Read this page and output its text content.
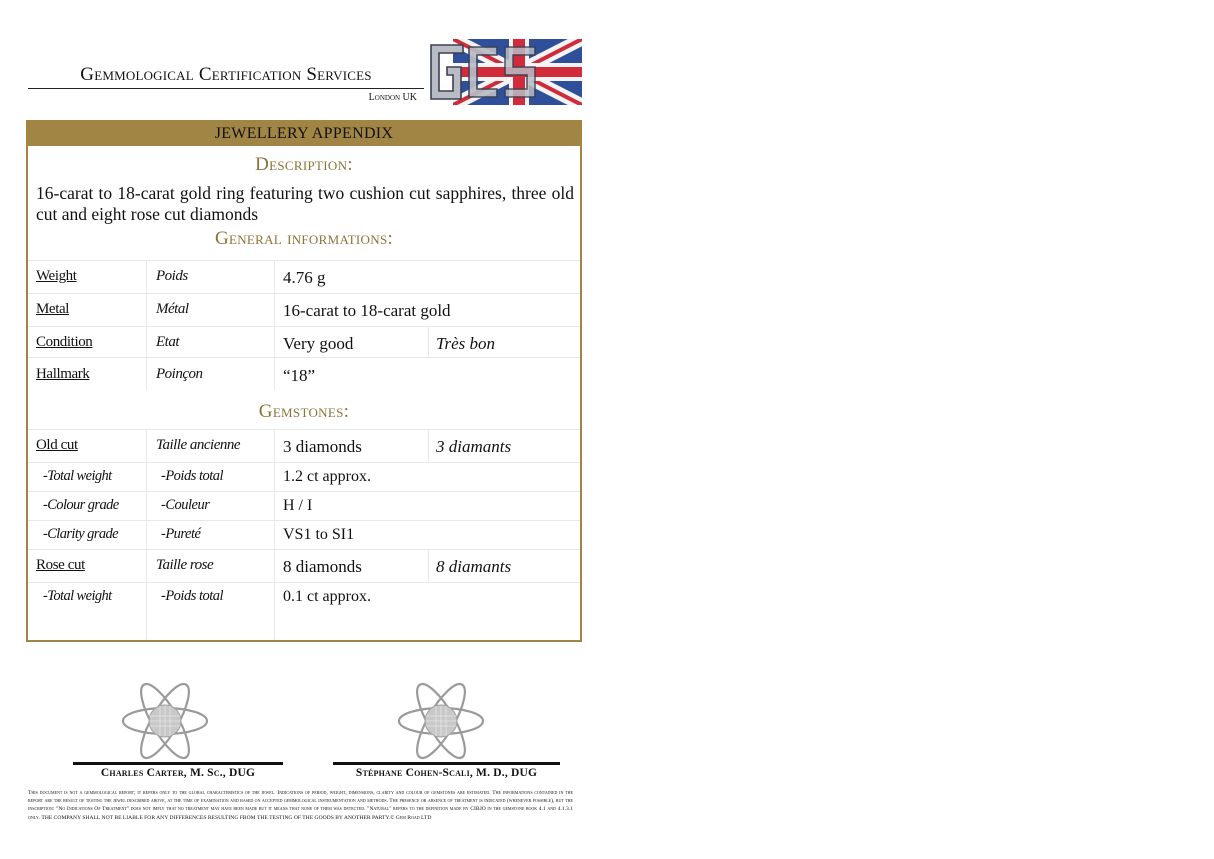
Gemmological Certification Services
London UK
JEWELLERY APPENDIX
Description:
16-carat to 18-carat gold ring featuring two cushion cut sapphires, three old cut and eight rose cut diamonds
General informations:
Weight	Poids	4.76 g
Metal	Métal	16-carat to 18-carat gold
Condition	Etat	Very good	Très bon
Hallmark	Poinçon	“18”
Gemstones:
Old cut	Taille ancienne	3 diamonds	3 diamants
-Total weight	-Poids total	1.2 ct approx.
-Colour grade	-Couleur	H / I
-Clarity grade	-Pureté	VS1 to SI1
Rose cut	Taille rose	8 diamonds	8 diamants
-Total weight	-Poids total	0.1 ct approx.
Charles Carter, M. Sc., DUG	Stéphane Cohen-Scali, M. D., DUG
This document is not a gemmological report; it refers only to the global characteristics of the jewel. Indications of period, weight, dimensions, clarity and colour of gemstones are estimated. The informations contained in the report are the result of testing the jewel described above, at the time of examination and based on accepted gemmological instrumentation and methods. The presence or absence of treatment is indicated (whenever possible), but the inscription: "No Indications Of Treatment" does not imply that no treatment may have been made but it means that none of them was detected. "Natural" refers to the definition made by CIBJO in the gemstone book 4.1 and 4.1.3.1 only. THE COMPANY SHALL NOT BE LIABLE FOR ANY DIFFERENCES RESULTING FROM THE TESTING OF THE GOODS BY ANOTHER PARTY.© Gem Road LTD
